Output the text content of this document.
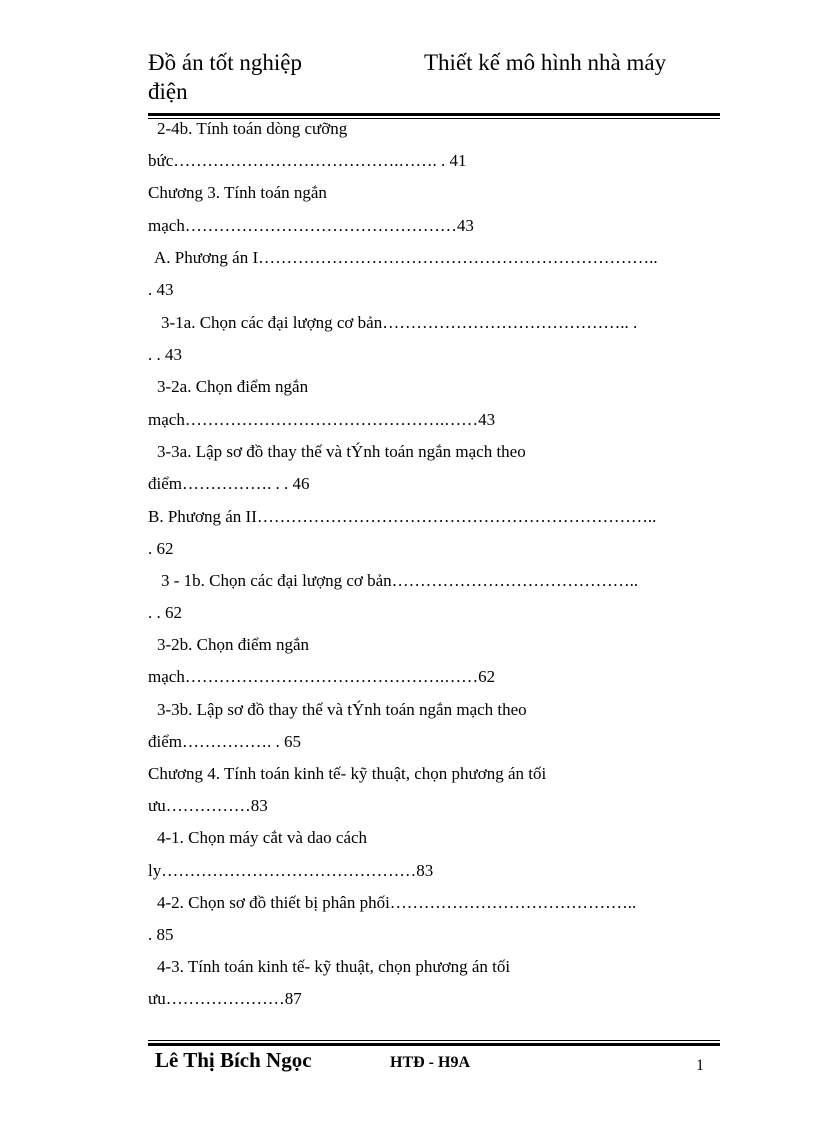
Đồ án tốt nghiệp
điện
Thiết kế mô hình nhà máy
2-4b. Tính toán dòng cưỡng
bức………………………………….……. . 41
Chương 3. Tính toán ngắn
mạch…………………………………………43
A. Phương án I……………………………………………………………..
. 43
3-1a. Chọn các đại lượng cơ bản…………………………………….. .
. . 43
3-2a. Chọn điểm ngắn
mạch……………………………………….……43
3-3a. Lập sơ đồ thay thế và tÝnh toán ngắn mạch theo
điểm……………. . . 46
B. Phương án II……………………………………………………………..
. 62
3 - 1b. Chọn các đại lượng cơ bản……………………………………..
. . 62
3-2b. Chọn điểm ngắn
mạch……………………………………….……62
3-3b. Lập sơ đồ thay thế và tÝnh toán ngắn mạch theo
điểm……………. . 65
Chương 4. Tính toán kinh tế- kỹ thuật, chọn phương án tối
ưu……………83
4-1. Chọn máy cắt và dao cách
ly………………………………………83
4-2. Chọn sơ đồ thiết bị phân phối……………………………………..
. 85
4-3. Tính toán kinh tế- kỹ thuật, chọn phương án tối
ưu…………………87
Lê Thị Bích Ngọc	HTĐ - H9A	1
